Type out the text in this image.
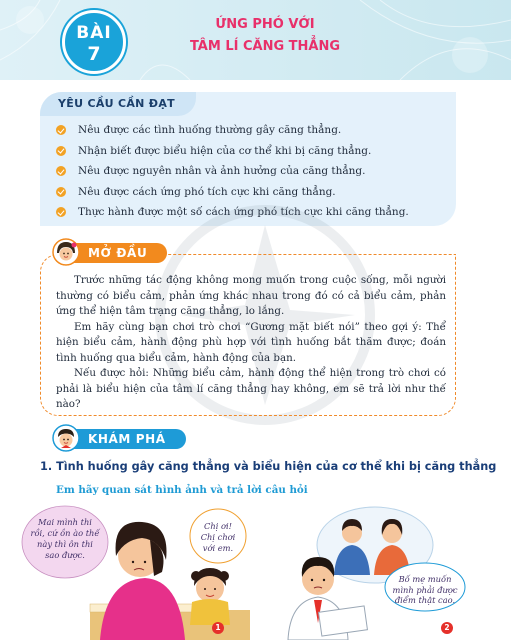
BÀI
7
ỨNG PHÓ VỚI
TÂM LÍ CĂNG THẲNG
YÊU CẦU CẦN ĐẠT
Nêu được các tình huống thường gây căng thẳng.
Nhận biết được biểu hiện của cơ thể khi bị căng thẳng.
Nêu được nguyên nhân và ảnh hưởng của căng thẳng.
Nêu được cách ứng phó tích cực khi căng thẳng.
Thực hành được một số cách ứng phó tích cực khi căng thẳng.
MỞ ĐẦU

Trước những tác động không mong muốn trong cuộc sống, mỗi người thường có biểu cảm, phản ứng khác nhau trong đó có cả biểu cảm, phản ứng thể hiện tâm trạng căng thẳng, lo lắng.

Em hãy cùng bạn chơi trò chơi “Gương mặt biết nói” theo gợi ý: Thể hiện biểu cảm, hành động phù hợp với tình huống bắt thăm được; đoán tình huống qua biểu cảm, hành động của bạn.

Nếu được hỏi: Những biểu cảm, hành động thể hiện trong trò chơi có phải là biểu hiện của tâm lí căng thẳng hay không, em sẽ trả lời như thế nào?

KHÁM PHÁ
1. Tình huống gây căng thẳng và biểu hiện của cơ thể khi bị căng thẳng
Em hãy quan sát hình ảnh và trả lời câu hỏi
Mai mình thi
rồi, cứ ồn ào thế
này thì ôn thi
sao được.
Chị ơi!
Chị chơi
với em.
1
Bố mẹ muốn
mình phải được
điểm thật cao.
2
